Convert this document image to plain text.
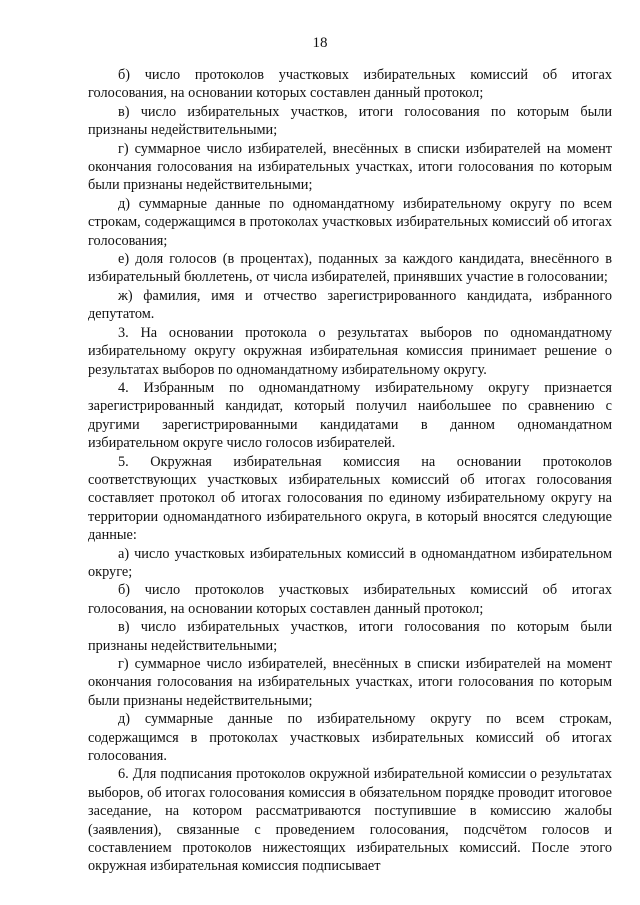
18

б) число протоколов участковых избирательных комиссий об итогах голосования, на основании которых составлен данный протокол;

в) число избирательных участков, итоги голосования по которым были признаны недействительными;

г) суммарное число избирателей, внесённых в списки избирателей на момент окончания голосования на избирательных участках, итоги голосования по которым были признаны недействительными;

д) суммарные данные по одномандатному избирательному округу по всем строкам, содержащимся в протоколах участковых избирательных комиссий об итогах голосования;

е) доля голосов (в процентах), поданных за каждого кандидата, внесённого в избирательный бюллетень, от числа избирателей, принявших участие в голосовании;

ж) фамилия, имя и отчество зарегистрированного кандидата, избранного депутатом.

3. На основании протокола о результатах выборов по одномандатному избирательному округу окружная избирательная комиссия принимает решение о результатах выборов по одномандатному избирательному округу.

4. Избранным по одномандатному избирательному округу признается зарегистрированный кандидат, который получил наибольшее по сравнению с другими зарегистрированными кандидатами в данном одномандатном избирательном округе число голосов избирателей.

5. Окружная избирательная комиссия на основании протоколов соответствующих участковых избирательных комиссий об итогах голосования составляет протокол об итогах голосования по единому избирательному округу на территории одномандатного избирательного округа, в который вносятся следующие данные:

а) число участковых избирательных комиссий в одномандатном избирательном округе;

б) число протоколов участковых избирательных комиссий об итогах голосования, на основании которых составлен данный протокол;

в) число избирательных участков, итоги голосования по которым были признаны недействительными;

г) суммарное число избирателей, внесённых в списки избирателей на момент окончания голосования на избирательных участках, итоги голосования по которым были признаны недействительными;

д) суммарные данные по избирательному округу по всем строкам, содержащимся в протоколах участковых избирательных комиссий об итогах голосования.

6. Для подписания протоколов окружной избирательной комиссии о результатах выборов, об итогах голосования комиссия в обязательном порядке проводит итоговое заседание, на котором рассматриваются поступившие в комиссию жалобы (заявления), связанные с проведением голосования, подсчётом голосов и составлением протоколов нижестоящих избирательных комиссий. После этого окружная избирательная комиссия подписывает
